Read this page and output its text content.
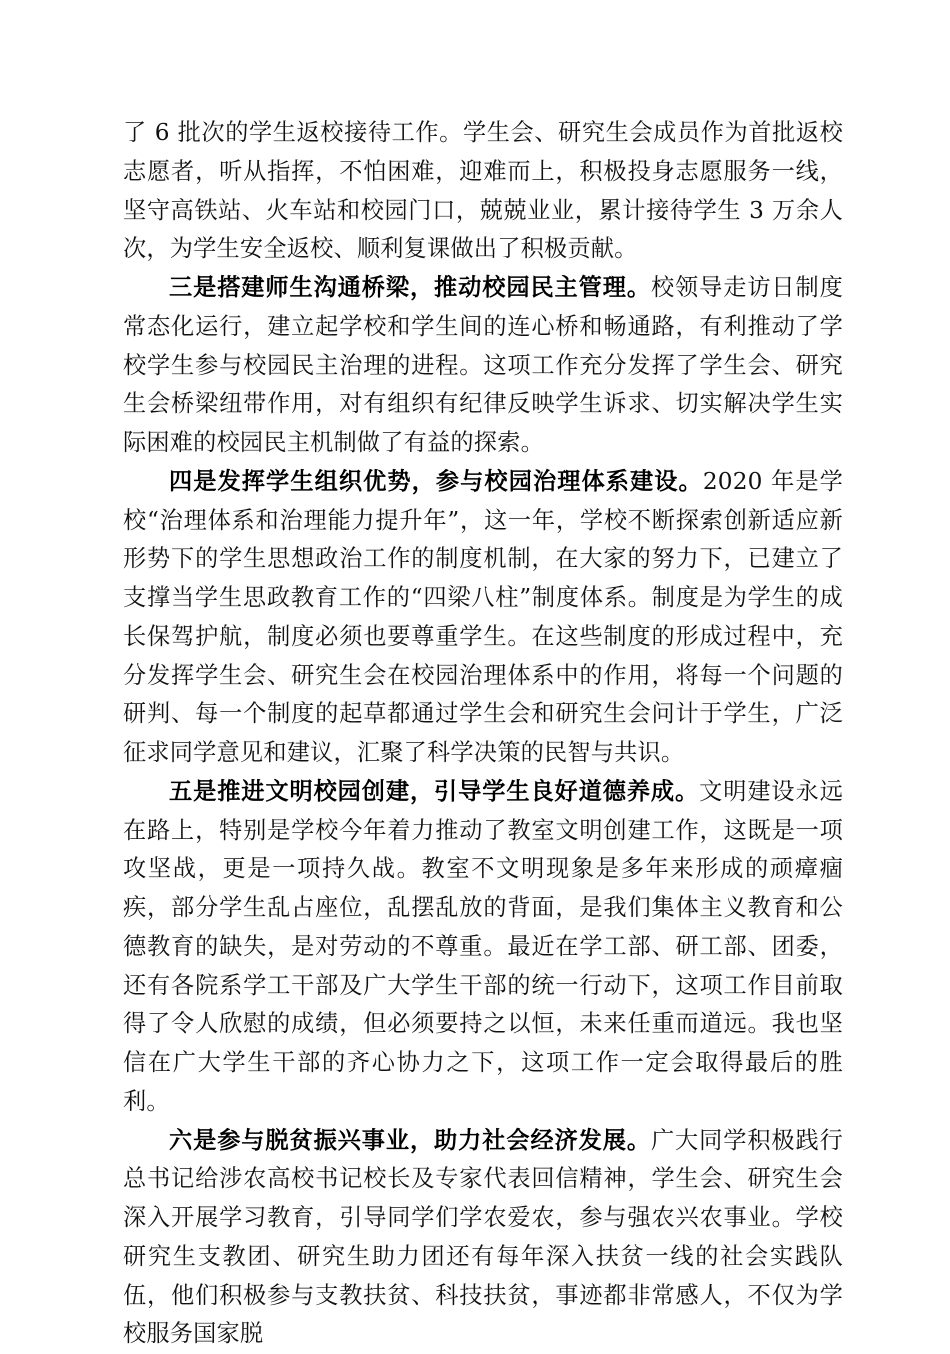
了 6 批次的学生返校接待工作。学生会、研究生会成员作为首批返校志愿者，听从指挥，不怕困难，迎难而上，积极投身志愿服务一线，坚守高铁站、火车站和校园门口，兢兢业业，累计接待学生 3 万余人次，为学生安全返校、顺利复课做出了积极贡献。

三是搭建师生沟通桥梁，推动校园民主管理。校领导走访日制度常态化运行，建立起学校和学生间的连心桥和畅通路，有利推动了学校学生参与校园民主治理的进程。这项工作充分发挥了学生会、研究生会桥梁纽带作用，对有组织有纪律反映学生诉求、切实解决学生实际困难的校园民主机制做了有益的探索。

四是发挥学生组织优势，参与校园治理体系建设。2020 年是学校“治理体系和治理能力提升年”，这一年，学校不断探索创新适应新形势下的学生思想政治工作的制度机制，在大家的努力下，已建立了支撑当学生思政教育工作的“四梁八柱”制度体系。制度是为学生的成长保驾护航，制度必须也要尊重学生。在这些制度的形成过程中，充分发挥学生会、研究生会在校园治理体系中的作用，将每一个问题的研判、每一个制度的起草都通过学生会和研究生会问计于学生，广泛征求同学意见和建议，汇聚了科学决策的民智与共识。

五是推进文明校园创建，引导学生良好道德养成。文明建设永远在路上，特别是学校今年着力推动了教室文明创建工作，这既是一项攻坚战，更是一项持久战。教室不文明现象是多年来形成的顽瘴痼疾，部分学生乱占座位，乱摆乱放的背面，是我们集体主义教育和公德教育的缺失，是对劳动的不尊重。最近在学工部、研工部、团委，还有各院系学工干部及广大学生干部的统一行动下，这项工作目前取得了令人欣慰的成绩，但必须要持之以恒，未来任重而道远。我也坚信在广大学生干部的齐心协力之下，这项工作一定会取得最后的胜利。

六是参与脱贫振兴事业，助力社会经济发展。广大同学积极践行总书记给涉农高校书记校长及专家代表回信精神，学生会、研究生会深入开展学习教育，引导同学们学农爱农，参与强农兴农事业。学校研究生支教团、研究生助力团还有每年深入扶贫一线的社会实践队伍，他们积极参与支教扶贫、科技扶贫，事迹都非常感人，不仅为学校服务国家脱
